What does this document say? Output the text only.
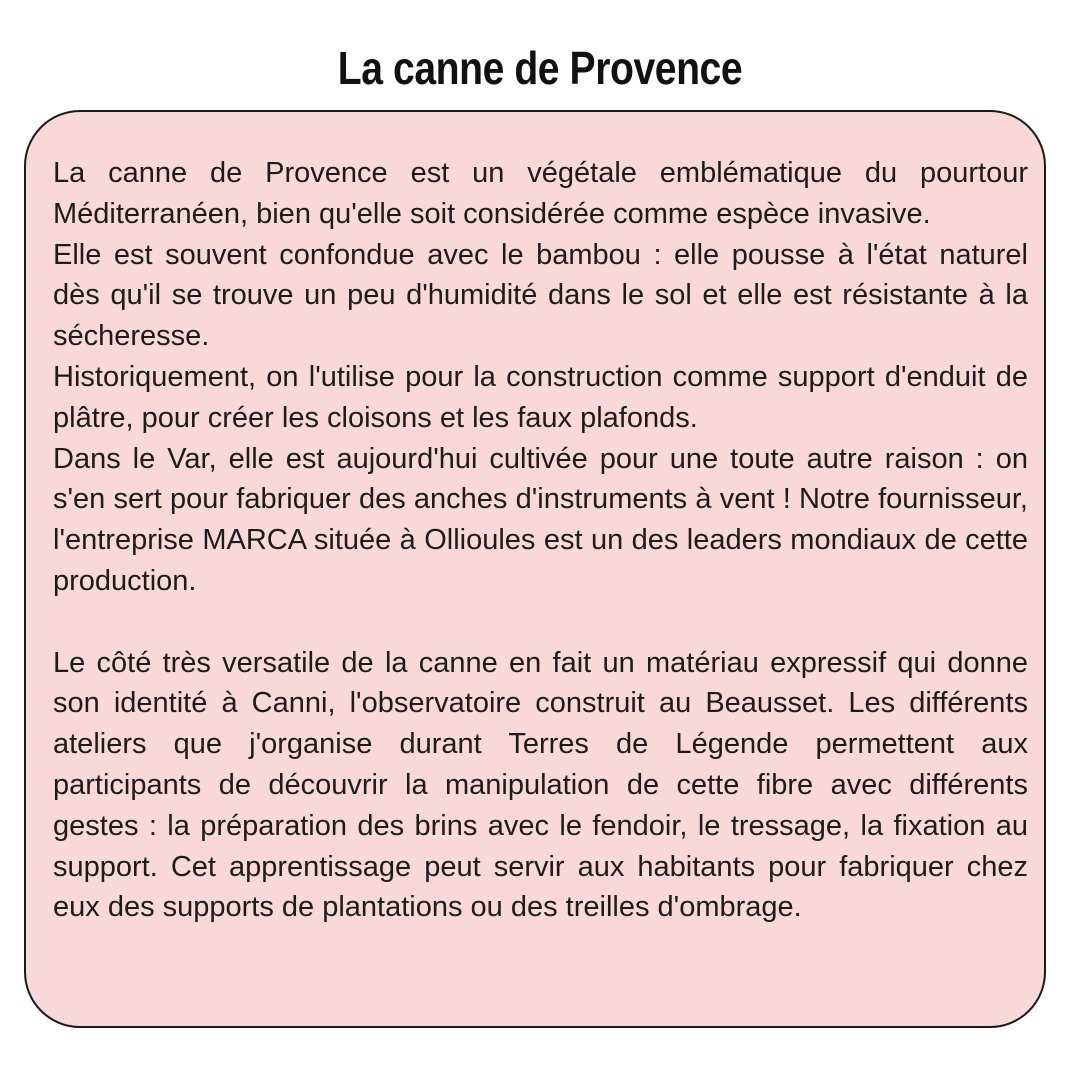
La canne de Provence

La canne de Provence est un végétale emblématique du pourtour Méditerranéen, bien qu'elle soit considérée comme espèce invasive.

Elle est souvent confondue avec le bambou : elle pousse à l'état naturel dès qu'il se trouve un peu d'humidité dans le sol et elle est résistante à la sécheresse.

Historiquement, on l'utilise pour la construction comme support d'enduit de plâtre, pour créer les cloisons et les faux plafonds.

Dans le Var, elle est aujourd'hui cultivée pour une toute autre raison : on s'en sert pour fabriquer des anches d'instruments à vent ! Notre fournisseur, l'entreprise MARCA située à Ollioules est un des leaders mondiaux de cette production.

Le côté très versatile de la canne en fait un matériau expressif qui donne son identité à Canni, l'observatoire construit au Beausset. Les différents ateliers que j'organise durant Terres de Légende permettent aux participants de découvrir la manipulation de cette fibre avec différents gestes : la préparation des brins avec le fendoir, le tressage, la fixation au support. Cet apprentissage peut servir aux habitants pour fabriquer chez eux des supports de plantations ou des treilles d'ombrage.
